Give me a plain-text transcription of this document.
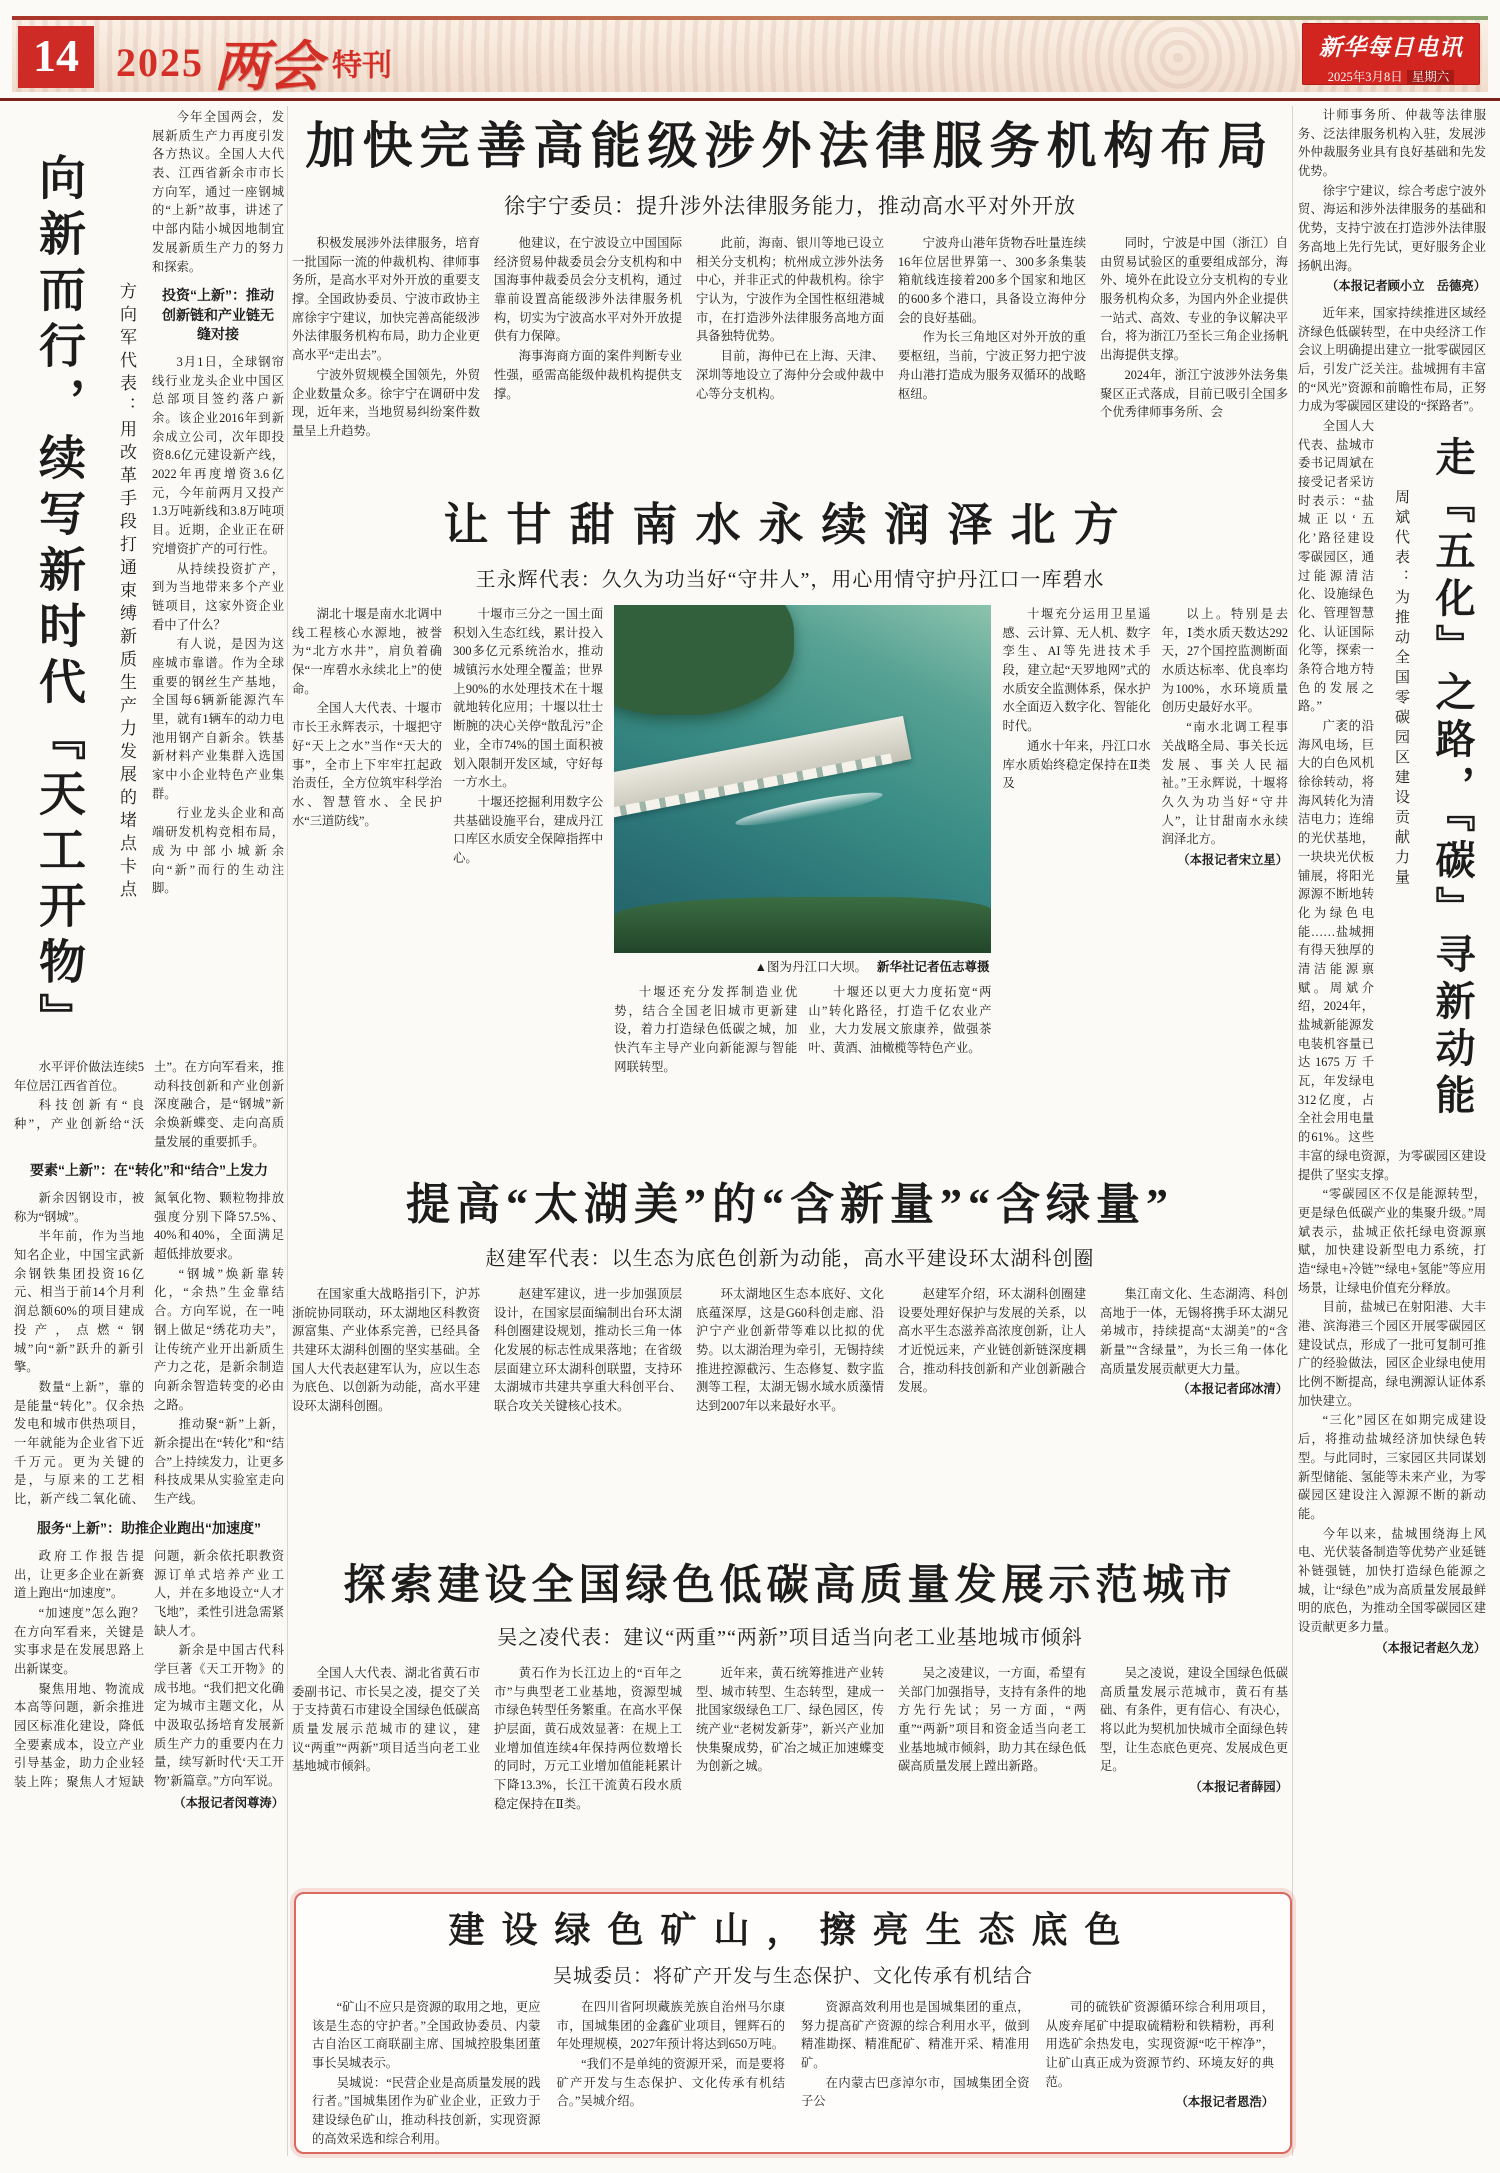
14 2025 两会 特刊
新华每日电讯
2025年3月8日 星期六
向新而行，续写新时代『天工开物』	方向军代表：用改革手段打通束缚新质生产力发展的堵点卡点

今年全国两会，发展新质生产力再度引发各方热议。全国人大代表、江西省新余市市长方向军，通过一座钢城的“上新”故事，讲述了中部内陆小城因地制宜发展新质生产力的努力和探索。

投资“上新”：推动创新链和产业链无缝对接

3月1日，全球钢帘线行业龙头企业中国区总部项目签约落户新余。该企业2016年到新余成立公司，次年即投资8.6亿元建设新产线，2022年再度增资3.6亿元，今年前两月又投产1.3万吨新线和3.8万吨项目。近期，企业正在研究增资扩产的可行性。

从持续投资扩产，到为当地带来多个产业链项目，这家外资企业看中了什么？

有人说，是因为这座城市靠谱。作为全球重要的钢丝生产基地，全国每6辆新能源汽车里，就有1辆车的动力电池用钢产自新余。铁基新材料产业集群入选国家中小企业特色产业集群。

行业龙头企业和高端研发机构竞相布局，成为中部小城新余向“新”而行的生动注脚。

水平评价做法连续5年位居江西省首位。

科技创新有“良种”，产业创新给“沃土”。在方向军看来，推动科技创新和产业创新深度融合，是“钢城”新余焕新蝶变、走向高质量发展的重要抓手。

要素“上新”：在“转化”和“结合”上发力

新余因钢设市，被称为“钢城”。

半年前，作为当地知名企业，中国宝武新余钢铁集团投资16亿元、相当于前14个月利润总额60%的项目建成投产，点燃“钢城”向“新”跃升的新引擎。

数量“上新”，靠的是能量“转化”。仅余热发电和城市供热项目，一年就能为企业省下近千万元。更为关键的是，与原来的工艺相比，新产线二氧化硫、氮氧化物、颗粒物排放强度分别下降57.5%、40%和40%，全面满足超低排放要求。

“钢城”焕新靠转化，“余热”生金靠结合。方向军说，在一吨钢上做足“绣花功夫”，让传统产业开出新质生产力之花，是新余制造向新余智造转变的必由之路。

推动聚“新”上新，新余提出在“转化”和“结合”上持续发力，让更多科技成果从实验室走向生产线。

服务“上新”：助推企业跑出“加速度”

政府工作报告提出，让更多企业在新赛道上跑出“加速度”。

“加速度”怎么跑？在方向军看来，关键是实事求是在发展思路上出新谋变。

聚焦用地、物流成本高等问题，新余推进园区标准化建设，降低全要素成本，设立产业引导基金，助力企业轻装上阵；聚焦人才短缺问题，新余依托职教资源订单式培养产业工人，并在多地设立“人才飞地”，柔性引进急需紧缺人才。

新余是中国古代科学巨著《天工开物》的成书地。“我们把文化确定为城市主题文化，从中汲取弘扬培育发展新质生产力的重要内在力量，续写新时代‘天工开物’新篇章。”方向军说。

（本报记者闵尊涛）
加快完善高能级涉外法律服务机构布局
徐宇宁委员：提升涉外法律服务能力，推动高水平对外开放

积极发展涉外法律服务，培育一批国际一流的仲裁机构、律师事务所，是高水平对外开放的重要支撑。全国政协委员、宁波市政协主席徐宇宁建议，加快完善高能级涉外法律服务机构布局，助力企业更高水平“走出去”。

宁波外贸规模全国领先，外贸企业数量众多。徐宇宁在调研中发现，近年来，当地贸易纠纷案件数量呈上升趋势。

他建议，在宁波设立中国国际经济贸易仲裁委员会分支机构和中国海事仲裁委员会分支机构，通过靠前设置高能级涉外法律服务机构，切实为宁波高水平对外开放提供有力保障。

海事海商方面的案件判断专业性强，亟需高能级仲裁机构提供支撑。

此前，海南、银川等地已设立相关分支机构；杭州成立涉外法务中心，并非正式的仲裁机构。徐宇宁认为，宁波作为全国性枢纽港城市，在打造涉外法律服务高地方面具备独特优势。

目前，海仲已在上海、天津、深圳等地设立了海仲分会或仲裁中心等分支机构。

宁波舟山港年货物吞吐量连续16年位居世界第一、300多条集装箱航线连接着200多个国家和地区的600多个港口，具备设立海仲分会的良好基础。

作为长三角地区对外开放的重要枢纽，当前，宁波正努力把宁波舟山港打造成为服务双循环的战略枢纽。

同时，宁波是中国（浙江）自由贸易试验区的重要组成部分，海外、境外在此设立分支机构的专业服务机构众多，为国内外企业提供一站式、高效、专业的争议解决平台，将为浙江乃至长三角企业扬帆出海提供支撑。

2024年，浙江宁波涉外法务集聚区正式落成，目前已吸引全国多个优秀律师事务所、会

让甘甜南水永续润泽北方
王永辉代表：久久为功当好“守井人”，用心用情守护丹江口一库碧水

湖北十堰是南水北调中线工程核心水源地，被誉为“北方水井”，肩负着确保“一库碧水永续北上”的使命。

全国人大代表、十堰市市长王永辉表示，十堰把守好“天上之水”当作“天大的事”，全市上下牢牢扛起政治责任，全方位筑牢科学治水、智慧管水、全民护水“三道防线”。

十堰市三分之一国土面积划入生态红线，累计投入300多亿元系统治水，推动城镇污水处理全覆盖；世界上90%的水处理技术在十堰就地转化应用；十堰以壮士断腕的决心关停“散乱污”企业，全市74%的国土面积被划入限制开发区域，守好每一方水土。

十堰还挖掘利用数字公共基础设施平台，建成丹江口库区水质安全保障指挥中心。

▲图为丹江口大坝。 新华社记者伍志尊摄

十堰还充分发挥制造业优势，结合全国老旧城市更新建设，着力打造绿色低碳之城，加快汽车主导产业向新能源与智能网联转型。

十堰还以更大力度拓宽“两山”转化路径，打造千亿农业产业，大力发展文旅康养，做强茶叶、黄酒、油橄榄等特色产业。

十堰充分运用卫星遥感、云计算、无人机、数字孪生、AI等先进技术手段，建立起“天罗地网”式的水质安全监测体系，保水护水全面迈入数字化、智能化时代。

通水十年来，丹江口水库水质始终稳定保持在Ⅱ类及

以上。特别是去年，Ⅰ类水质天数达292天，27个国控监测断面水质达标率、优良率均为100%，水环境质量创历史最好水平。

“南水北调工程事关战略全局、事关长远发展、事关人民福祉。”王永辉说，十堰将久久为功当好“守井人”，让甘甜南水永续润泽北方。

（本报记者宋立星）
提高“太湖美”的“含新量”“含绿量”
赵建军代表：以生态为底色创新为动能，高水平建设环太湖科创圈

在国家重大战略指引下，沪苏浙皖协同联动，环太湖地区科教资源富集、产业体系完善，已经具备共建环太湖科创圈的坚实基础。全国人大代表赵建军认为，应以生态为底色、以创新为动能，高水平建设环太湖科创圈。

赵建军建议，进一步加强顶层设计，在国家层面编制出台环太湖科创圈建设规划，推动长三角一体化发展的标志性成果落地；在省级层面建立环太湖科创联盟，支持环太湖城市共建共享重大科创平台、联合攻关关键核心技术。

环太湖地区生态本底好、文化底蕴深厚，这是G60科创走廊、沿沪宁产业创新带等难以比拟的优势。以太湖治理为牵引，无锡持续推进控源截污、生态修复、数字监测等工程，太湖无锡水域水质藻情达到2007年以来最好水平。

赵建军介绍，环太湖科创圈建设要处理好保护与发展的关系，以高水平生态滋养高浓度创新，让人才近悦远来，产业链创新链深度耦合，推动科技创新和产业创新融合发展。

集江南文化、生态湖湾、科创高地于一体，无锡将携手环太湖兄弟城市，持续提高“太湖美”的“含新量”“含绿量”，为长三角一体化高质量发展贡献更大力量。

（本报记者邱冰清）
探索建设全国绿色低碳高质量发展示范城市
吴之凌代表：建议“两重”“两新”项目适当向老工业基地城市倾斜

全国人大代表、湖北省黄石市委副书记、市长吴之凌，提交了关于支持黄石市建设全国绿色低碳高质量发展示范城市的建议，建议“两重”“两新”项目适当向老工业基地城市倾斜。

黄石作为长江边上的“百年之市”与典型老工业基地，资源型城市绿色转型任务繁重。在高水平保护层面，黄石成效显著：在规上工业增加值连续4年保持两位数增长的同时，万元工业增加值能耗累计下降13.3%，长江干流黄石段水质稳定保持在Ⅱ类。

近年来，黄石统筹推进产业转型、城市转型、生态转型，建成一批国家级绿色工厂、绿色园区，传统产业“老树发新芽”，新兴产业加快集聚成势，矿冶之城正加速蝶变为创新之城。

吴之凌建议，一方面，希望有关部门加强指导，支持有条件的地方先行先试；另一方面，“两重”“两新”项目和资金适当向老工业基地城市倾斜，助力其在绿色低碳高质量发展上蹚出新路。

吴之凌说，建设全国绿色低碳高质量发展示范城市，黄石有基础、有条件，更有信心、有决心，将以此为契机加快城市全面绿色转型，让生态底色更亮、发展成色更足。

（本报记者薛园）
建设绿色矿山，擦亮生态底色
吴城委员：将矿产开发与生态保护、文化传承有机结合

“矿山不应只是资源的取用之地，更应该是生态的守护者。”全国政协委员、内蒙古自治区工商联副主席、国城控股集团董事长吴城表示。

吴城说：“民营企业是高质量发展的践行者。”国城集团作为矿业企业，正致力于建设绿色矿山，推动科技创新，实现资源的高效采选和综合利用。

在四川省阿坝藏族羌族自治州马尔康市，国城集团的金鑫矿业项目，锂辉石的年处理规模，2027年预计将达到650万吨。

“我们不是单纯的资源开采，而是要将矿产开发与生态保护、文化传承有机结合。”吴城介绍。

资源高效利用也是国城集团的重点，努力提高矿产资源的综合利用水平，做到精准勘探、精准配矿、精准开采、精准用矿。

在内蒙古巴彦淖尔市，国城集团全资子公

司的硫铁矿资源循环综合利用项目，从废弃尾矿中提取硫精粉和铁精粉，再利用选矿余热发电，实现资源“吃干榨净”，让矿山真正成为资源节约、环境友好的典范。

（本报记者恩浩）

计师事务所、仲裁等法律服务、泛法律服务机构入驻，发展涉外仲裁服务业具有良好基础和先发优势。

徐宇宁建议，综合考虑宁波外贸、海运和涉外法律服务的基础和优势，支持宁波在打造涉外法律服务高地上先行先试，更好服务企业扬帆出海。

（本报记者顾小立　岳德亮）

近年来，国家持续推进区域经济绿色低碳转型，在中央经济工作会议上明确提出建立一批零碳园区后，引发广泛关注。盐城拥有丰富的“风光”资源和前瞻性布局，正努力成为零碳园区建设的“探路者”。

走『五化』之路，『碳』寻新动能
周斌代表：为推动全国零碳园区建设贡献力量

全国人大代表、盐城市委书记周斌在接受记者采访时表示：“盐城正以‘五化’路径建设零碳园区，通过能源清洁化、设施绿色化、管理智慧化、认证国际化等，探索一条符合地方特色的发展之路。”

广袤的沿海风电场，巨大的白色风机徐徐转动，将海风转化为清洁电力；连绵的光伏基地，一块块光伏板铺展，将阳光源源不断地转化为绿色电能……盐城拥有得天独厚的清洁能源禀赋。周斌介绍，2024年，盐城新能源发电装机容量已达1675万千瓦，年发绿电312亿度，占全社会用电量的61%。这些丰富的绿电资源，为零碳园区建设提供了坚实支撑。

“零碳园区不仅是能源转型，更是绿色低碳产业的集聚升级。”周斌表示，盐城正依托绿电资源禀赋，加快建设新型电力系统，打造“绿电+冷链”“绿电+氢能”等应用场景，让绿电价值充分释放。

目前，盐城已在射阳港、大丰港、滨海港三个园区开展零碳园区建设试点，形成了一批可复制可推广的经验做法，园区企业绿电使用比例不断提高，绿电溯源认证体系加快建立。

“三化”园区在如期完成建设后，将推动盐城经济加快绿色转型。与此同时，三家园区共同谋划新型储能、氢能等未来产业，为零碳园区建设注入源源不断的新动能。

今年以来，盐城围绕海上风电、光伏装备制造等优势产业延链补链强链，加快打造绿色能源之城，让“绿色”成为高质量发展最鲜明的底色，为推动全国零碳园区建设贡献更多力量。

（本报记者赵久龙）
